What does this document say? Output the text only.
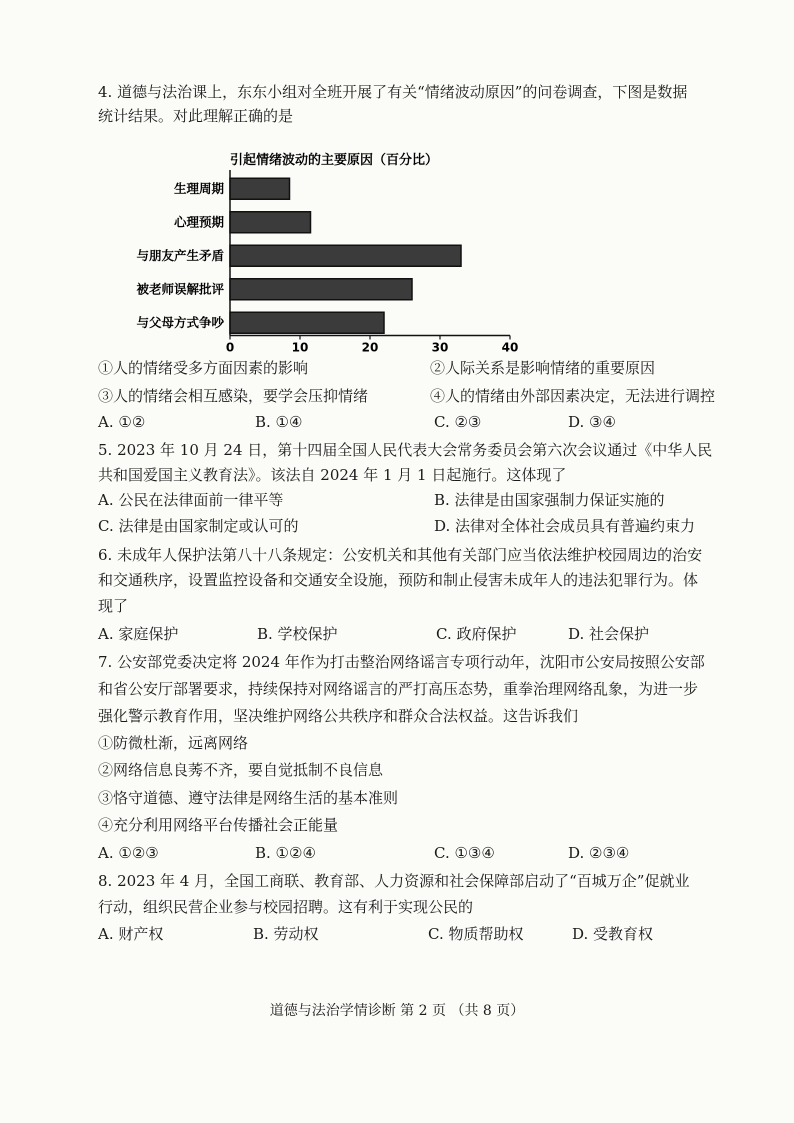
4. 道德与法治课上，东东小组对全班开展了有关“情绪波动原因”的问卷调查，下图是数据
统计结果。对此理解正确的是
引起情绪波动的主要原因（百分比）
生理周期
心理预期
与朋友产生矛盾
被老师误解批评
与父母方式争吵
0	10	20	30	40
①人的情绪受多方面因素的影响	②人际关系是影响情绪的重要原因
③人的情绪会相互感染，要学会压抑情绪	④人的情绪由外部因素决定，无法进行调控
A. ①②	B. ①④	C. ②③	D. ③④
5. 2023 年 10 月 24 日，第十四届全国人民代表大会常务委员会第六次会议通过《中华人民
共和国爱国主义教育法》。该法自 2024 年 1 月 1 日起施行。这体现了
A. 公民在法律面前一律平等	B. 法律是由国家强制力保证实施的
C. 法律是由国家制定或认可的	D. 法律对全体社会成员具有普遍约束力
6. 未成年人保护法第八十八条规定：公安机关和其他有关部门应当依法维护校园周边的治安
和交通秩序，设置监控设备和交通安全设施，预防和制止侵害未成年人的违法犯罪行为。体
现了
A. 家庭保护	B. 学校保护	C. 政府保护	D. 社会保护
7. 公安部党委决定将 2024 年作为打击整治网络谣言专项行动年，沈阳市公安局按照公安部
和省公安厅部署要求，持续保持对网络谣言的严打高压态势，重拳治理网络乱象，为进一步
强化警示教育作用，坚决维护网络公共秩序和群众合法权益。这告诉我们
①防微杜渐，远离网络
②网络信息良莠不齐，要自觉抵制不良信息
③恪守道德、遵守法律是网络生活的基本准则
④充分利用网络平台传播社会正能量
A. ①②③	B. ①②④	C. ①③④	D. ②③④
8. 2023 年 4 月，全国工商联、教育部、人力资源和社会保障部启动了“百城万企”促就业
行动，组织民营企业参与校园招聘。这有利于实现公民的
A. 财产权	B. 劳动权	C. 物质帮助权	D. 受教育权
道德与法治学情诊断 第 2 页 （共 8 页）
